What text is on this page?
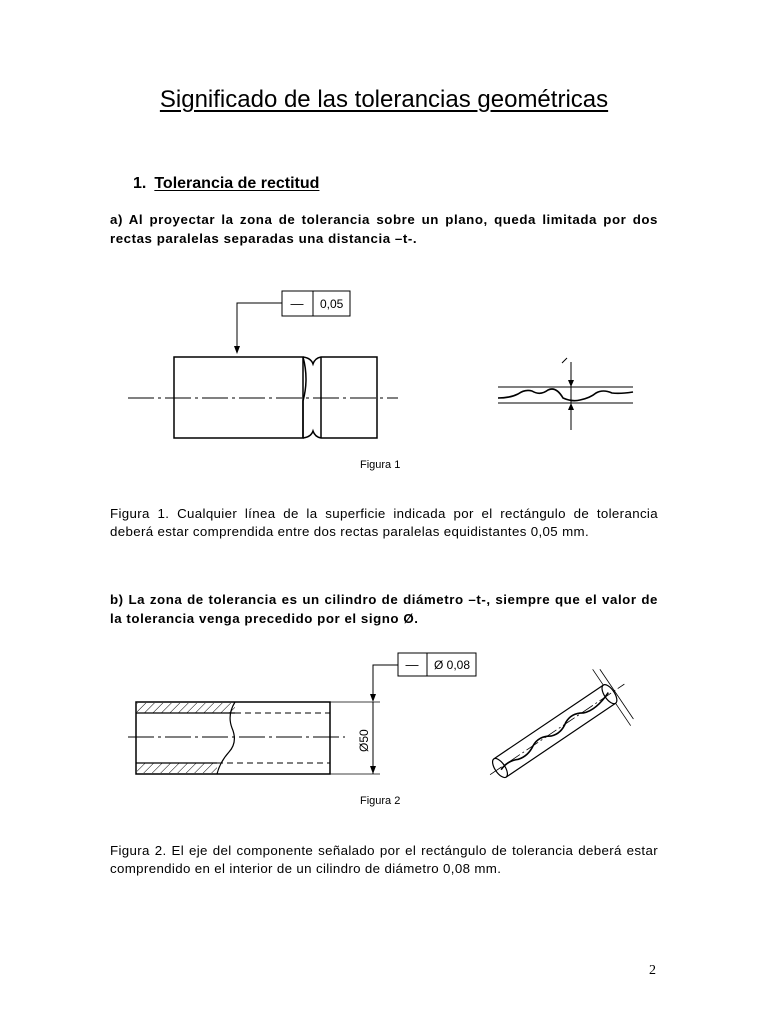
Significado de las tolerancias geométricas
1. Tolerancia de rectitud
a) Al proyectar la zona de tolerancia sobre un plano, queda limitada por dos rectas paralelas separadas una distancia –t-.
— 0,05
Figura 1
Figura 1. Cualquier línea de la superficie indicada por el rectángulo de tolerancia deberá estar comprendida entre dos rectas paralelas equidistantes 0,05 mm.
b) La zona de tolerancia es un cilindro de diámetro –t-, siempre que el valor de la tolerancia venga precedido por el signo Ø.
— Ø 0,08
Ø50
Figura 2
Figura 2. El eje del componente señalado por el rectángulo de tolerancia deberá estar comprendido en el interior de un cilindro de diámetro 0,08 mm.
2
